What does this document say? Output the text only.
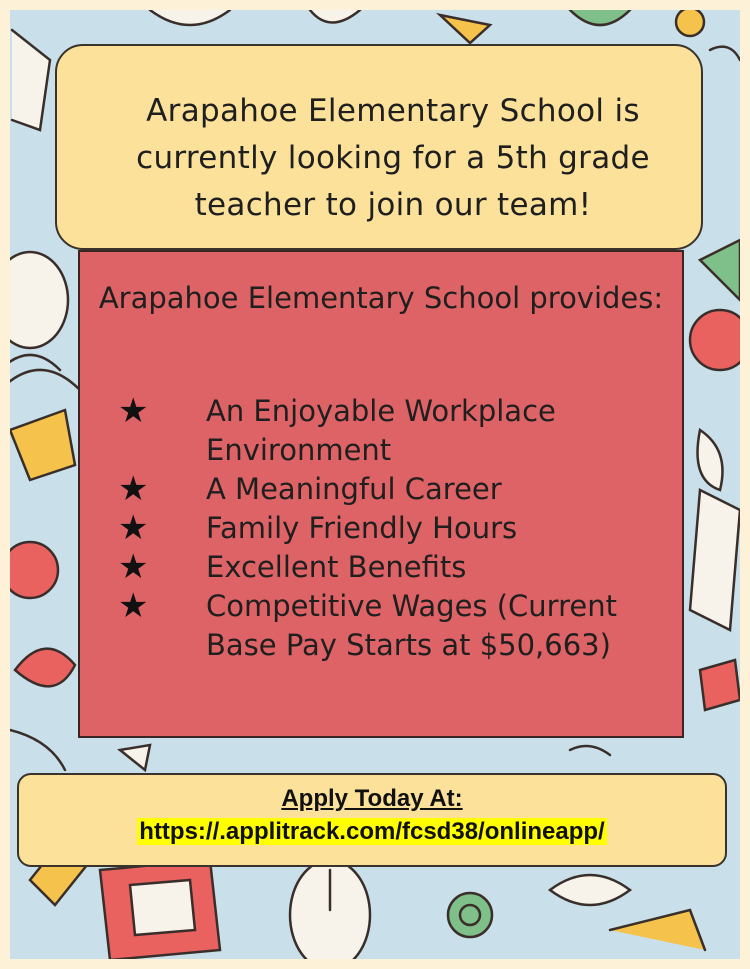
Arapahoe Elementary School is currently looking for a 5th grade teacher to join our team!

Arapahoe Elementary School provides:

★ An Enjoyable Workplace Environment
★ A Meaningful Career
★ Family Friendly Hours
★ Excellent Benefits
★ Competitive Wages (Current Base Pay Starts at $50,663)

Apply Today At:

https://.applitrack.com/fcsd38/onlineapp/
